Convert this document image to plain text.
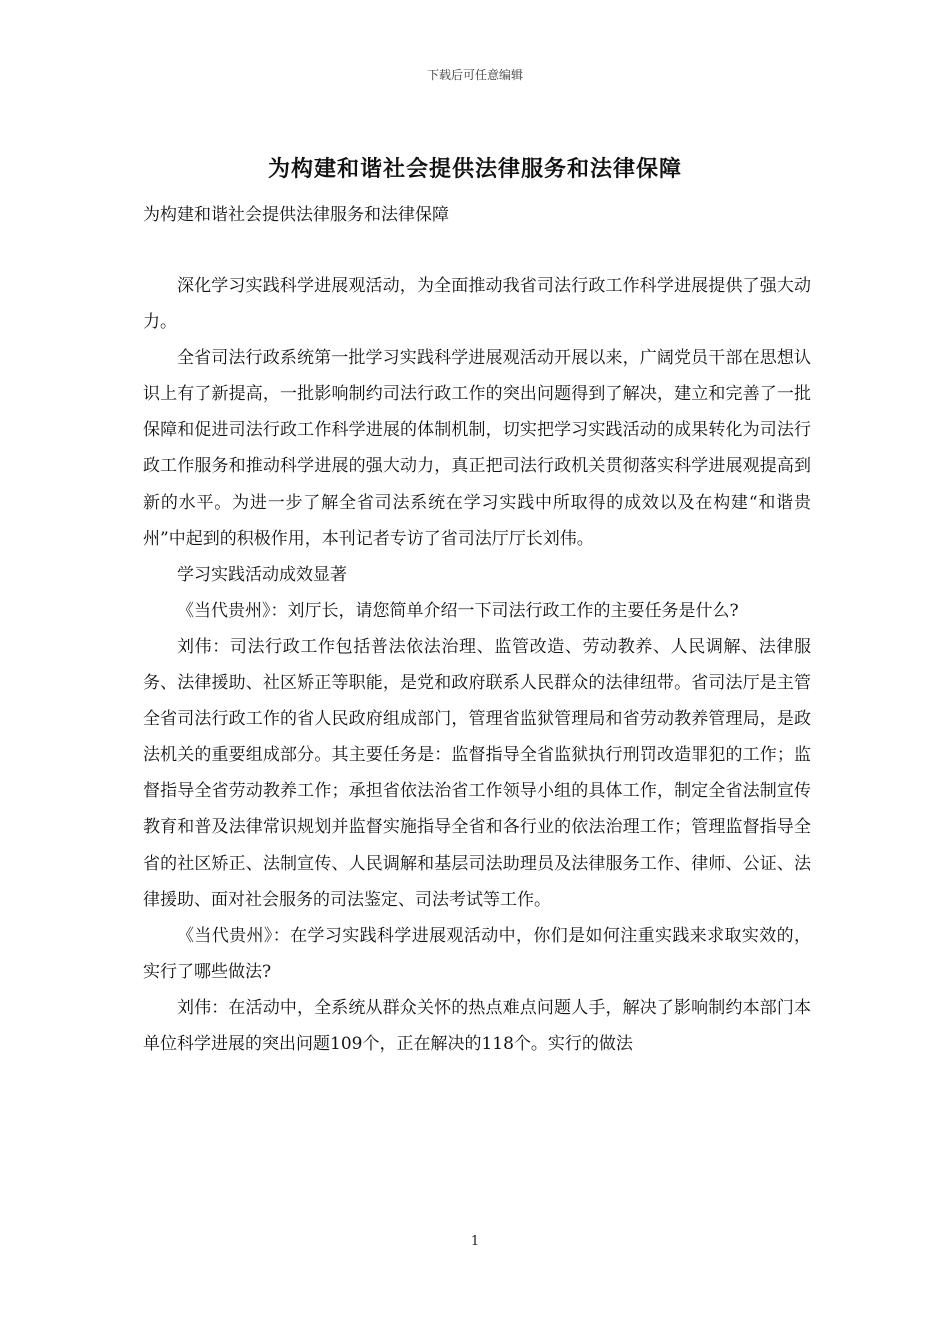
下载后可任意编辑
为构建和谐社会提供法律服务和法律保障
为构建和谐社会提供法律服务和法律保障

深化学习实践科学进展观活动，为全面推动我省司法行政工作科学进展提供了强大动力。

全省司法行政系统第一批学习实践科学进展观活动开展以来，广阔党员干部在思想认识上有了新提高，一批影响制约司法行政工作的突出问题得到了解决，建立和完善了一批保障和促进司法行政工作科学进展的体制机制，切实把学习实践活动的成果转化为司法行政工作服务和推动科学进展的强大动力，真正把司法行政机关贯彻落实科学进展观提高到新的水平。为进一步了解全省司法系统在学习实践中所取得的成效以及在构建“和谐贵州”中起到的积极作用，本刊记者专访了省司法厅厅长刘伟。

学习实践活动成效显著

《当代贵州》：刘厅长，请您简单介绍一下司法行政工作的主要任务是什么?

刘伟：司法行政工作包括普法依法治理、监管改造、劳动教养、人民调解、法律服务、法律援助、社区矫正等职能，是党和政府联系人民群众的法律纽带。省司法厅是主管全省司法行政工作的省人民政府组成部门，管理省监狱管理局和省劳动教养管理局，是政法机关的重要组成部分。其主要任务是：监督指导全省监狱执行刑罚改造罪犯的工作；监督指导全省劳动教养工作；承担省依法治省工作领导小组的具体工作，制定全省法制宣传教育和普及法律常识规划并监督实施指导全省和各行业的依法治理工作；管理监督指导全省的社区矫正、法制宣传、人民调解和基层司法助理员及法律服务工作、律师、公证、法律援助、面对社会服务的司法鉴定、司法考试等工作。

《当代贵州》：在学习实践科学进展观活动中，你们是如何注重实践来求取实效的，实行了哪些做法?

刘伟：在活动中，全系统从群众关怀的热点难点问题人手，解决了影响制约本部门本单位科学进展的突出问题109个，正在解决的118个。实行的做法

1
